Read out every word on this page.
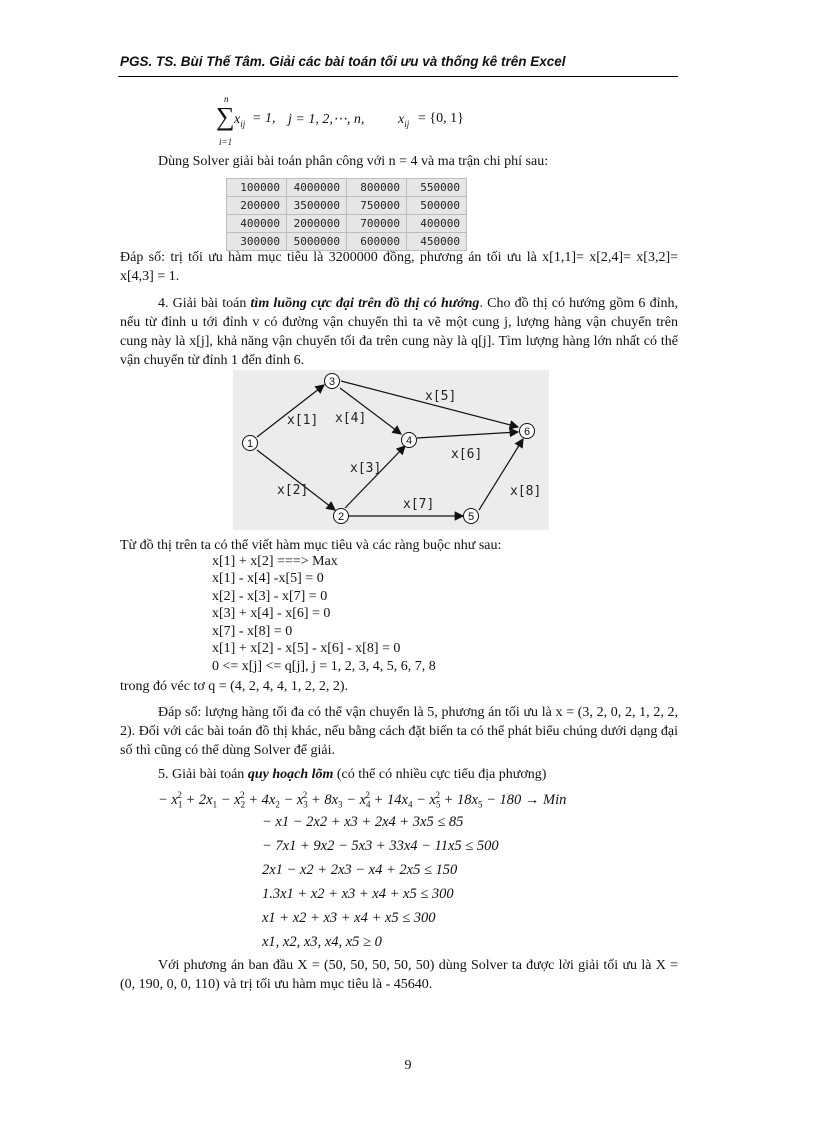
PGS. TS. Bùi Thế Tâm. Giải các bài toán tối ưu và thống kê trên Excel
n
∑
i=1
$x_{ij} = 1$, j = 1, 2,⋯, n, $x_{ij} = \{0$, 1}
Dùng Solver giải bài toán phân công với n = 4 và ma trận chi phí sau:
100000	4000000	800000	550000
200000	3500000	750000	500000
400000	2000000	700000	400000
300000	5000000	600000	450000
Đáp số: trị tối ưu hàm mục tiêu là 3200000 đồng, phương án tối ưu là x[1,1]= x[2,4]= x[3,2]= x[4,3] = 1.
4. Giải bài toán tìm luồng cực đại trên đồ thị có hướng. Cho đồ thị có hướng gồm 6 đỉnh, nếu từ đỉnh u tới đỉnh v có đường vận chuyển thì ta vẽ một cung j, lượng hàng vận chuyển trên cung này là x[j], khả năng vận chuyển tối đa trên cung này là q[j]. Tìm lượng hàng lớn nhất có thể vận chuyển từ đỉnh 1 đến đỉnh 6.
1
2
3
4
5
6
x[1]
x[2]
x[3]
x[4]
x[5]
x[6]
x[7]
x[8]
Từ đồ thị trên ta có thể viết hàm mục tiêu và các ràng buộc như sau:
x[1] + x[2] ===> Max
x[1] - x[4] -x[5] = 0
x[2] - x[3] - x[7] = 0
x[3] + x[4] - x[6] = 0
x[7] - x[8] = 0
x[1] + x[2] - x[5] - x[6] - x[8] = 0
0 <= x[j] <= q[j], j = 1, 2, 3, 4, 5, 6, 7, 8
trong đó véc tơ q = (4, 2, 4, 4, 1, 2, 2, 2).
Đáp số: lượng hàng tối đa có thể vận chuyển là 5, phương án tối ưu là x = (3, 2, 0, 2, 1, 2, 2, 2). Đối với các bài toán đồ thị khác, nếu bằng cách đặt biến ta có thể phát biểu chúng dưới dạng đại số thì cũng có thể dùng Solver để giải.
5. Giải bài toán quy hoạch lõm (có thể có nhiều cực tiểu địa phương)
− $x_1^2 + 2x_1 - x_2^2 + 4x_2 - x_3^2 + 8x_3 - x_4^2 + 14x_4 - x_5^2 + 18x_5 - 180$ → Min
− x1 − 2x2 + x3 + 2x4 + 3x5 ≤ 85
− 7x1 + 9x2 − 5x3 + 33x4 − 11x5 ≤ 500
2x1 − x2 + 2x3 − x4 + 2x5 ≤ 150
1.3x1 + x2 + x3 + x4 + x5 ≤ 300
x1 + x2 + x3 + x4 + x5 ≤ 300
x1, x2, x3, x4, x5 ≥ 0
Với phương án ban đầu X = (50, 50, 50, 50, 50) dùng Solver ta được lời giải tối ưu là X = (0, 190, 0, 0, 110) và trị tối ưu hàm mục tiêu là - 45640.
9
